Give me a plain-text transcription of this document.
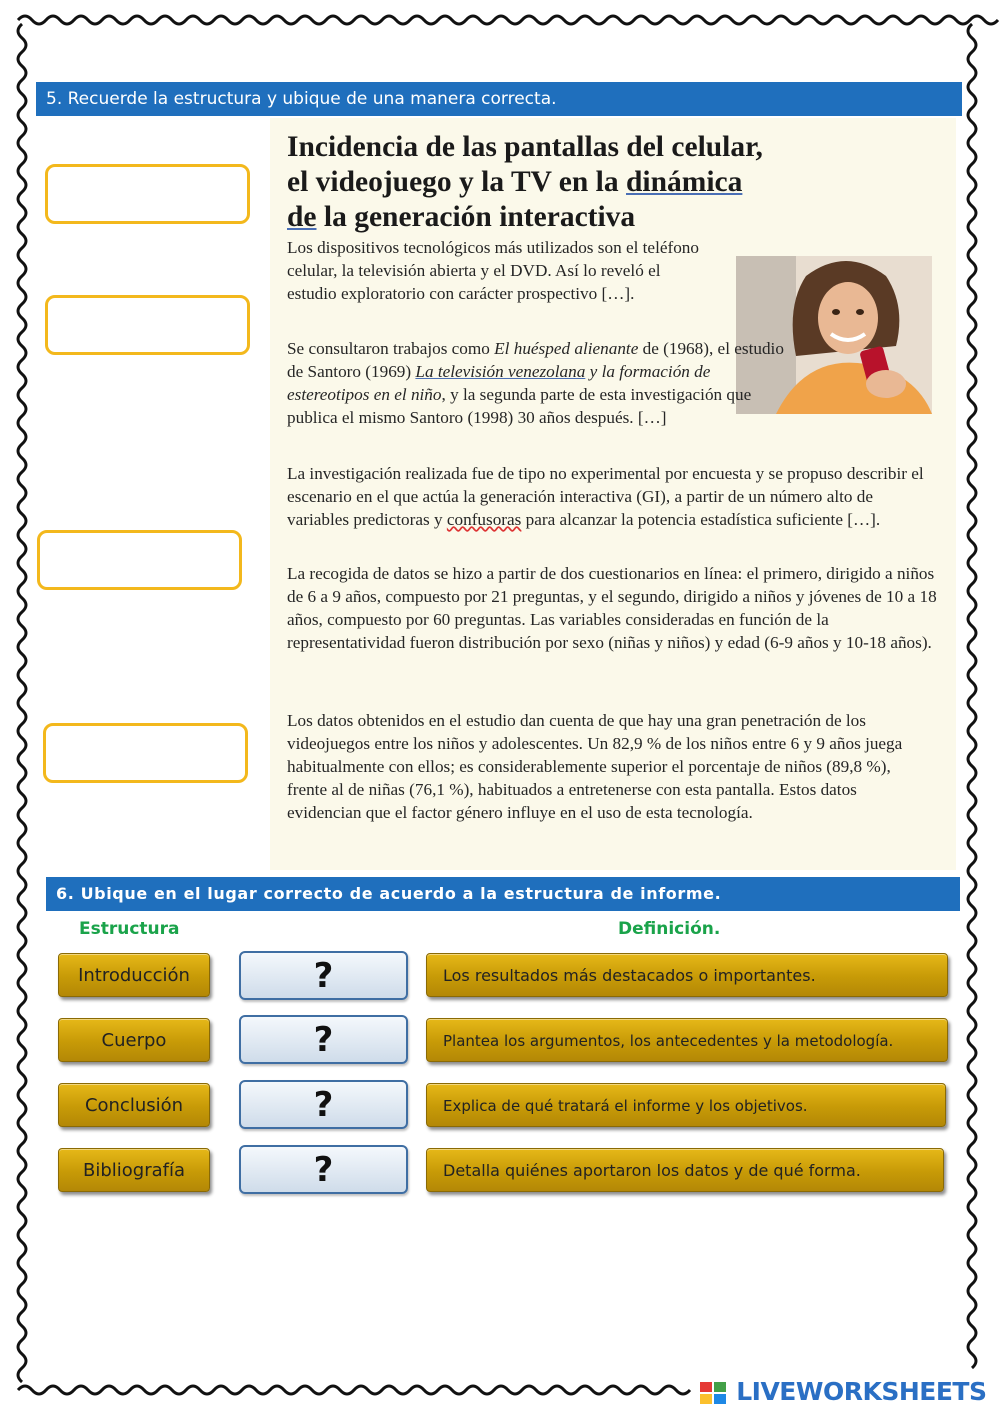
5. Recuerde la estructura y ubique de una manera correcta.
Incidencia de las pantallas del celular,
el videojuego y la TV en la dinámica
de la generación interactiva

Los dispositivos tecnológicos más utilizados son el teléfono celular, la televisión abierta y el DVD. Así lo reveló el estudio exploratorio con carácter prospectivo […].

Se consultaron trabajos como El huésped alienante de (1968), el estudio de Santoro (1969) La televisión venezolana y la formación de estereotipos en el niño, y la segunda parte de esta investigación que publica el mismo Santoro (1998) 30 años después. […]

La investigación realizada fue de tipo no experimental por encuesta y se propuso describir el escenario en el que actúa la generación interactiva (GI), a partir de un número alto de variables predictoras y confusoras para alcanzar la potencia estadística suficiente […].

La recogida de datos se hizo a partir de dos cuestionarios en línea: el primero, dirigido a niños de 6 a 9 años, compuesto por 21 preguntas, y el segundo, dirigido a niños y jóvenes de 10 a 18 años, compuesto por 60 preguntas. Las variables consideradas en función de la representatividad fueron distribución por sexo (niñas y niños) y edad (6-9 años y 10-18 años).

Los datos obtenidos en el estudio dan cuenta de que hay una gran penetración de los videojuegos entre los niños y adolescentes. Un 82,9 % de los niños entre 6 y 9 años juega habitualmente con ellos; es considerablemente superior el porcentaje de niños (89,8 %), frente al de niñas (76,1 %), habituados a entretenerse con esta pantalla. Estos datos evidencian que el factor género influye en el uso de esta tecnología.

6. Ubique en el lugar correcto de acuerdo a la estructura de informe.
Estructura	Definición.
Introducción
Cuerpo
Conclusión
Bibliografía
?
?
?
?
Los resultados más destacados o importantes.
Plantea los argumentos, los antecedentes y la metodología.
Explica de qué tratará el informe y los objetivos.
Detalla quiénes aportaron los datos y de qué forma.
LIVEWORKSHEETS
